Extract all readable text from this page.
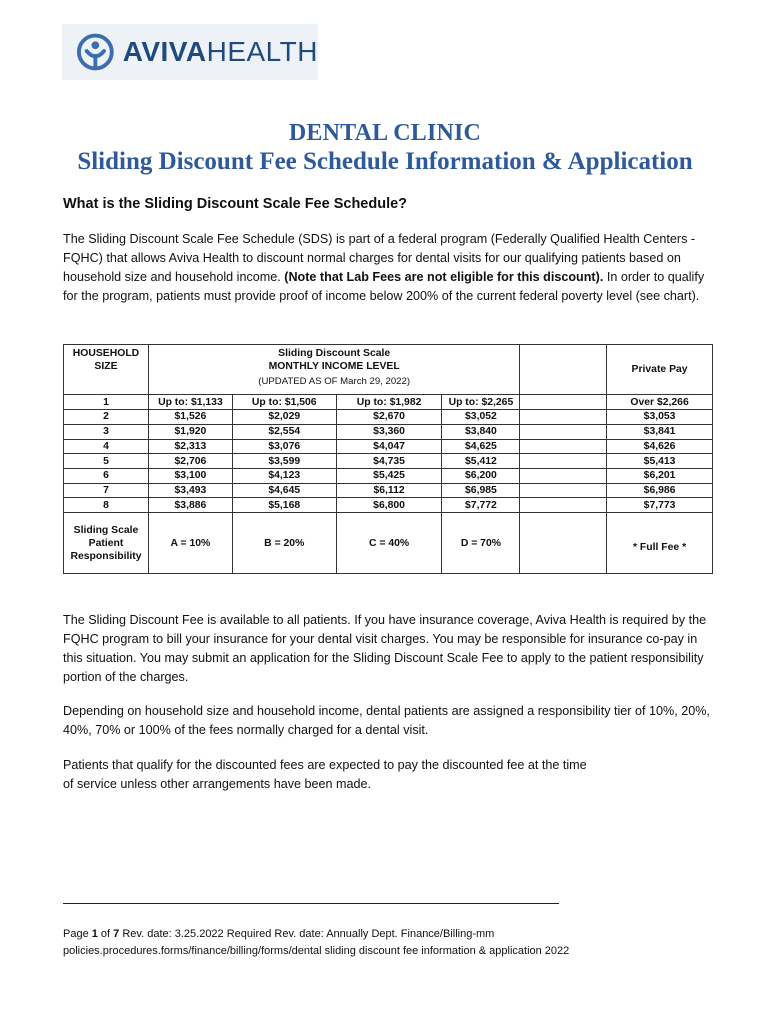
AVIVAHEALTH
DENTAL CLINIC
Sliding Discount Fee Schedule Information & Application
What is the Sliding Discount Scale Fee Schedule?
The Sliding Discount Scale Fee Schedule (SDS) is part of a federal program (Federally Qualified Health Centers - FQHC) that allows Aviva Health to discount normal charges for dental visits for our qualifying patients based on household size and household income. (Note that Lab Fees are not eligible for this discount). In order to qualify for the program, patients must provide proof of income below 200% of the current federal poverty level (see chart).
HOUSEHOLD SIZE	Sliding Discount Scale
MONTHLY INCOME LEVEL
(UPDATED AS OF March 29, 2022)					Private Pay
1	Up to: $1,133	Up to: $1,506	Up to: $1,982	Up to: $2,265		Over $2,266
2	$1,526	$2,029	$2,670	$3,052		$3,053
3	$1,920	$2,554	$3,360	$3,840		$3,841
4	$2,313	$3,076	$4,047	$4,625		$4,626
5	$2,706	$3,599	$4,735	$5,412		$5,413
6	$3,100	$4,123	$5,425	$6,200		$6,201
7	$3,493	$4,645	$6,112	$6,985		$6,986
8	$3,886	$5,168	$6,800	$7,772		$7,773
Sliding Scale Patient Responsibility	A = 10%	B = 20%	C = 40%	D = 70%		* Full Fee *
The Sliding Discount Fee is available to all patients. If you have insurance coverage, Aviva Health is required by the FQHC program to bill your insurance for your dental visit charges. You may be responsible for insurance co-pay in this situation. You may submit an application for the Sliding Discount Scale Fee to apply to the patient responsibility portion of the charges.
Depending on household size and household income, dental patients are assigned a responsibility tier of 10%, 20%, 40%, 70% or 100% of the fees normally charged for a dental visit.
Patients that qualify for the discounted fees are expected to pay the discounted fee at the time
of service unless other arrangements have been made.
Page 1 of 7 Rev. date: 3.25.2022 Required Rev. date: Annually Dept. Finance/Billing-mm
policies.procedures.forms/finance/billing/forms/dental sliding discount fee information & application 2022
